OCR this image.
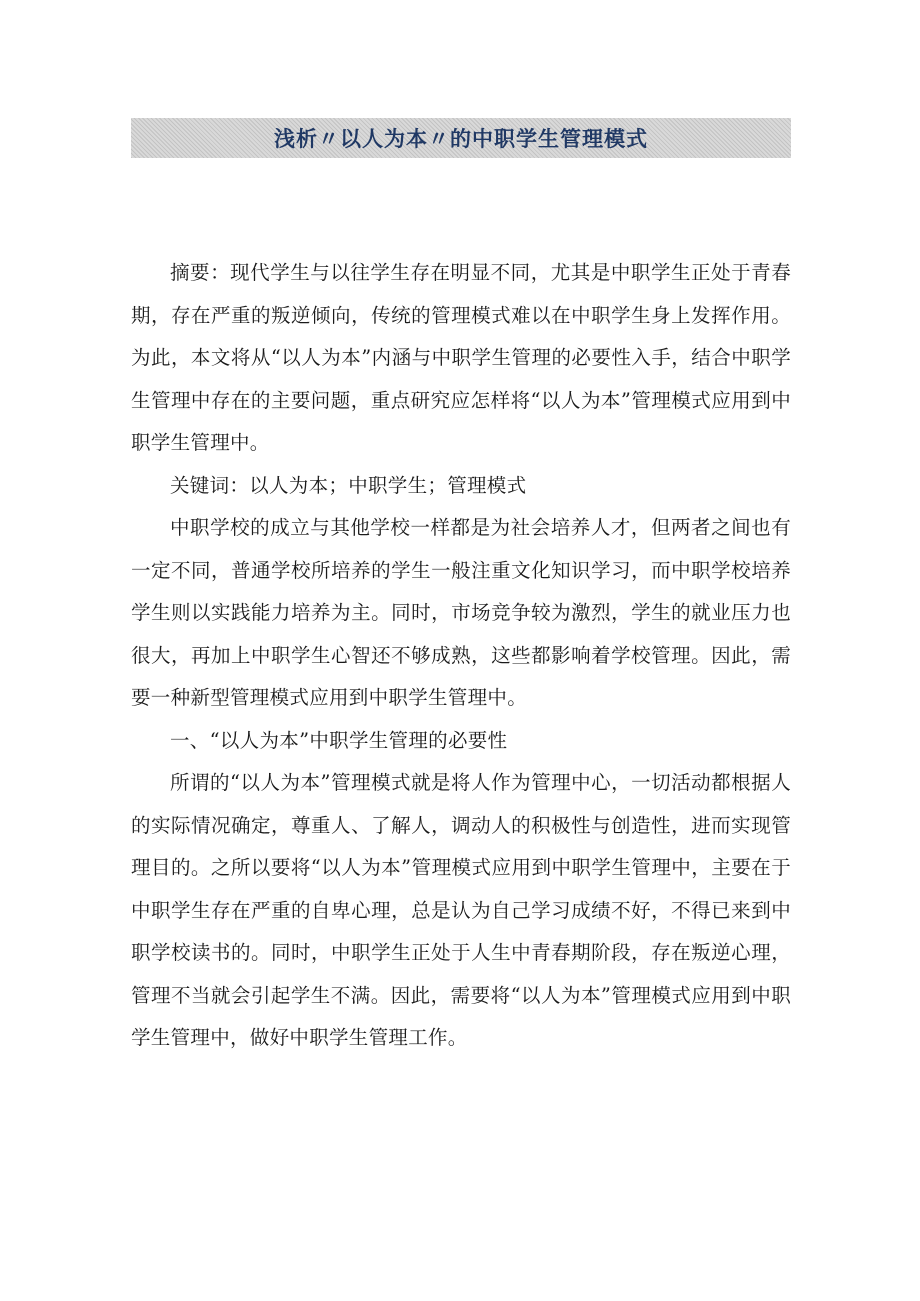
浅析〃以人为本〃的中职学生管理模式

摘要：现代学生与以往学生存在明显不同，尤其是中职学生正处于青春期，存在严重的叛逆倾向，传统的管理模式难以在中职学生身上发挥作用。为此，本文将从“以人为本”内涵与中职学生管理的必要性入手，结合中职学生管理中存在的主要问题，重点研究应怎样将“以人为本”管理模式应用到中职学生管理中。

关键词：以人为本；中职学生；管理模式

中职学校的成立与其他学校一样都是为社会培养人才，但两者之间也有一定不同，普通学校所培养的学生一般注重文化知识学习，而中职学校培养学生则以实践能力培养为主。同时，市场竞争较为激烈，学生的就业压力也很大，再加上中职学生心智还不够成熟，这些都影响着学校管理。因此，需要一种新型管理模式应用到中职学生管理中。

一、“以人为本”中职学生管理的必要性

所谓的“以人为本”管理模式就是将人作为管理中心，一切活动都根据人的实际情况确定，尊重人、了解人，调动人的积极性与创造性，进而实现管理目的。之所以要将“以人为本”管理模式应用到中职学生管理中，主要在于中职学生存在严重的自卑心理，总是认为自己学习成绩不好，不得已来到中职学校读书的。同时，中职学生正处于人生中青春期阶段，存在叛逆心理，管理不当就会引起学生不满。因此，需要将“以人为本”管理模式应用到中职学生管理中，做好中职学生管理工作。
